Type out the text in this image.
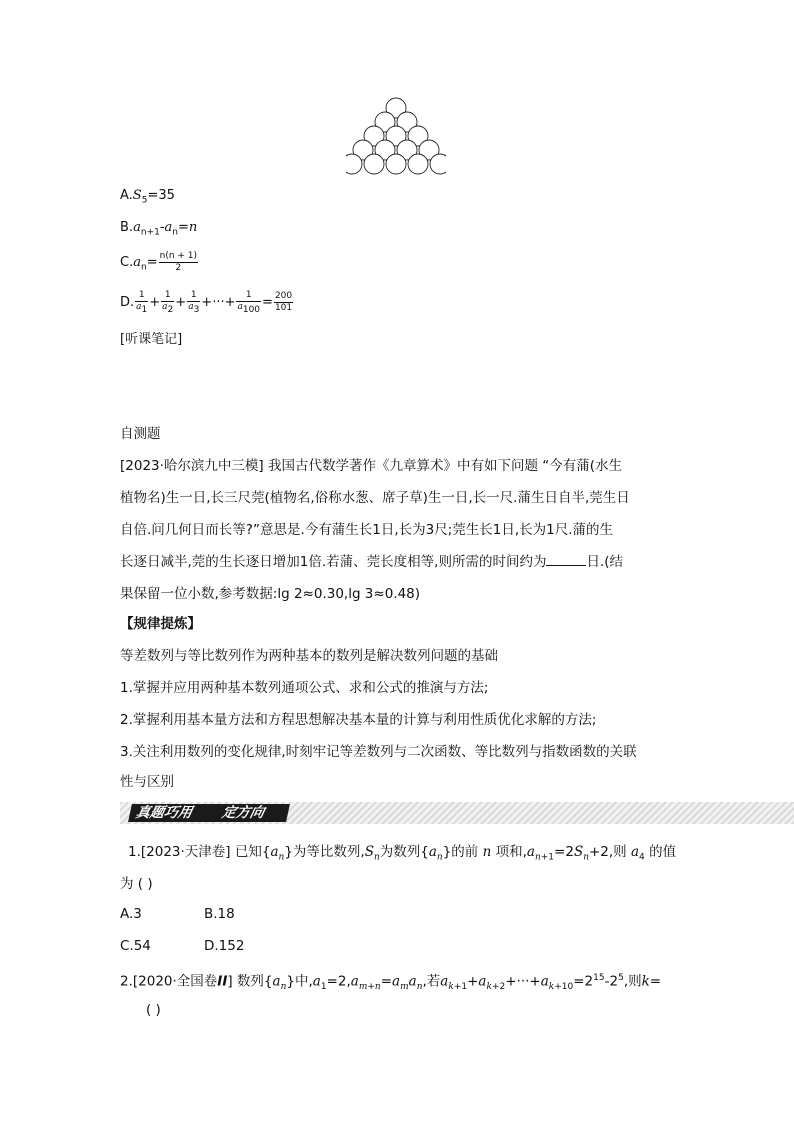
$A.S_5=35$
$B.a_{n+1}-a_n=n$
$C.a_n= \frac{n(n + 1)}{2}$
D. $\frac{1}{a_1} + \frac{1}{a_2} + \frac{1}{a_3}$ +···+ $\frac{1}{a_{100}} = \frac{200}{101}$
[听课笔记]
自测题
[2023·哈尔滨九中三模] 我国古代数学著作《九章算术》中有如下问题 “今有蒲(水生
植物名)生一日,长三尺莞(植物名,俗称水葱、席子草)生一日,长一尺.蒲生日自半,莞生日
自倍.问几何日而长等?”意思是.今有蒲生长1日,长为3尺;莞生长1日,长为1尺.蒲的生
长逐日减半,莞的生长逐日增加1倍.若蒲、莞长度相等,则所需的时间约为	日.(结
果保留一位小数,参考数据:lg 2≈0.30,lg 3≈0.48)
【规律提炼】
等差数列与等比数列作为两种基本的数列是解决数列问题的基础
1.掌握并应用两种基本数列通项公式、求和公式的推演与方法;
2.掌握利用基本量方法和方程思想解决基本量的计算与利用性质优化求解的方法;
3.关注利用数列的变化规律,时刻牢记等差数列与二次函数、等比数列与指数函数的关联
性与区别
真题巧用	定方向
1.[2023·天津卷] 已知$\{a_n\}$为等比数列$,S_n$为数列$\{a_n\}$的前 n 项和$,a_{n+1}=2S_n+2$,则 $a_4$ 的值
为 ( )
A.3	B.18
C.54	D.152
2.[2020·全国卷II] 数列$\{a_n\}$中$,a_1=2,a_{m+n}=a_ma_n$,若$a_{k+1}+a_{k+2}+\cdot\cdot\cdot+a_{k+10}=2^{15}-2^5$,则k=
( )
